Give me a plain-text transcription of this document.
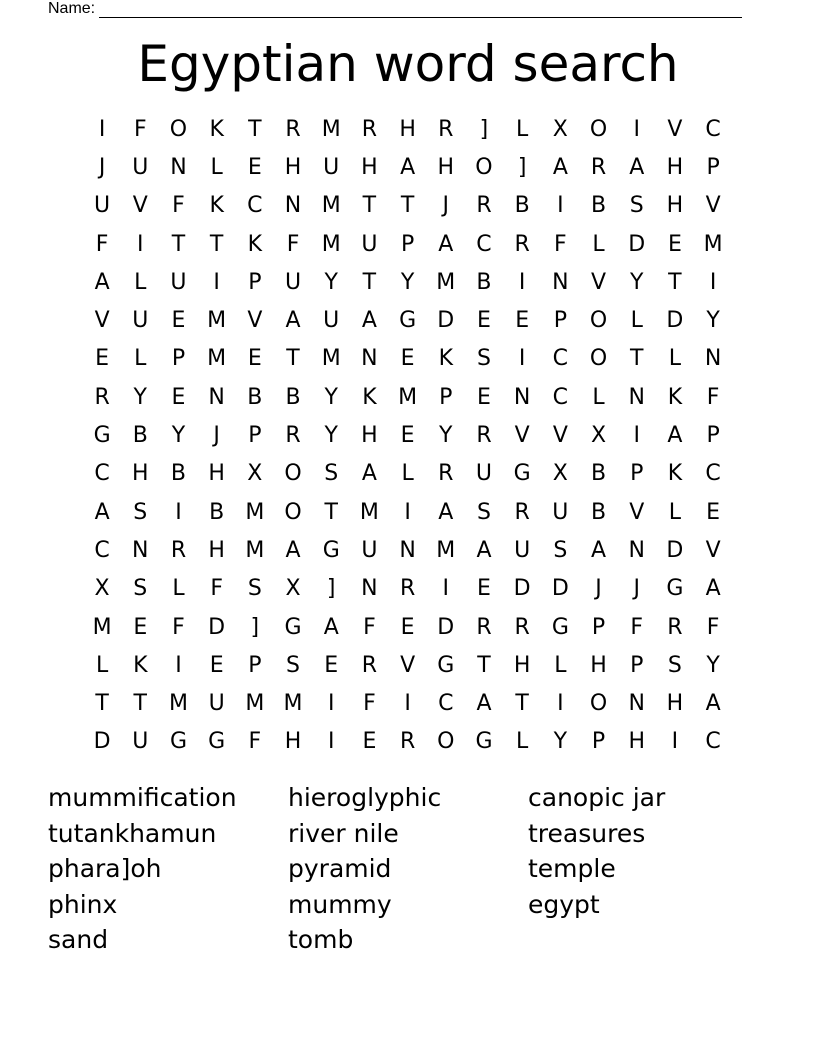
Name:
Egyptian word search
I	F	O	K	T	R M R	H	R	]	L	X O	I	V	C
J	U N	L	E	H U H	A	H O	]	A	R	A	H	P
U	V	F	K	C	N M T	T	J	R	B	I	B	S	H	V
F	I	T	T	K	F	M U	P	A	C	R	F	L	D	E M
A	L	U	I	P	U	Y	T	Y M B	I	N	V	Y	T	I
V	U	E M V	A	U	A	G D	E	E	P	O	L	D	Y
E	L	P	M E	T M N	E	K	S	I	C O	T	L	N
R	Y	E	N	B	B	Y	K M	P	E	N	C	L	N	K	F
G	B	Y	J	P	R	Y	H	E	Y	R	V	V	X	I	A	P
C	H	B	H	X O	S	A	L	R	U G	X	B	P	K	C
A	S	I	B M O	T M	I	A	S	R	U	B	V	L	E
C	N	R	H M A	G U N M A	U	S	A	N D	V
X	S	L	F	S	X	]	N	R	I	E	D D	J	J	G	A
M E	F	D	]	G	A	F	E	D	R	R	G	P	F	R	F
L	K	I	E	P	S	E	R	V	G	T	H	L	H	P	S	Y
T	T M U M M	I	F	I	C	A	T	I	O N H	A
D U G G	F	H	I	E	R O G	L	Y	P	H	I	C
mummification	hieroglyphic	canopic jar
tutankhamun	river nile	treasures
phara]oh	pyramid	temple
phinx	mummy	egypt
sand	tomb
